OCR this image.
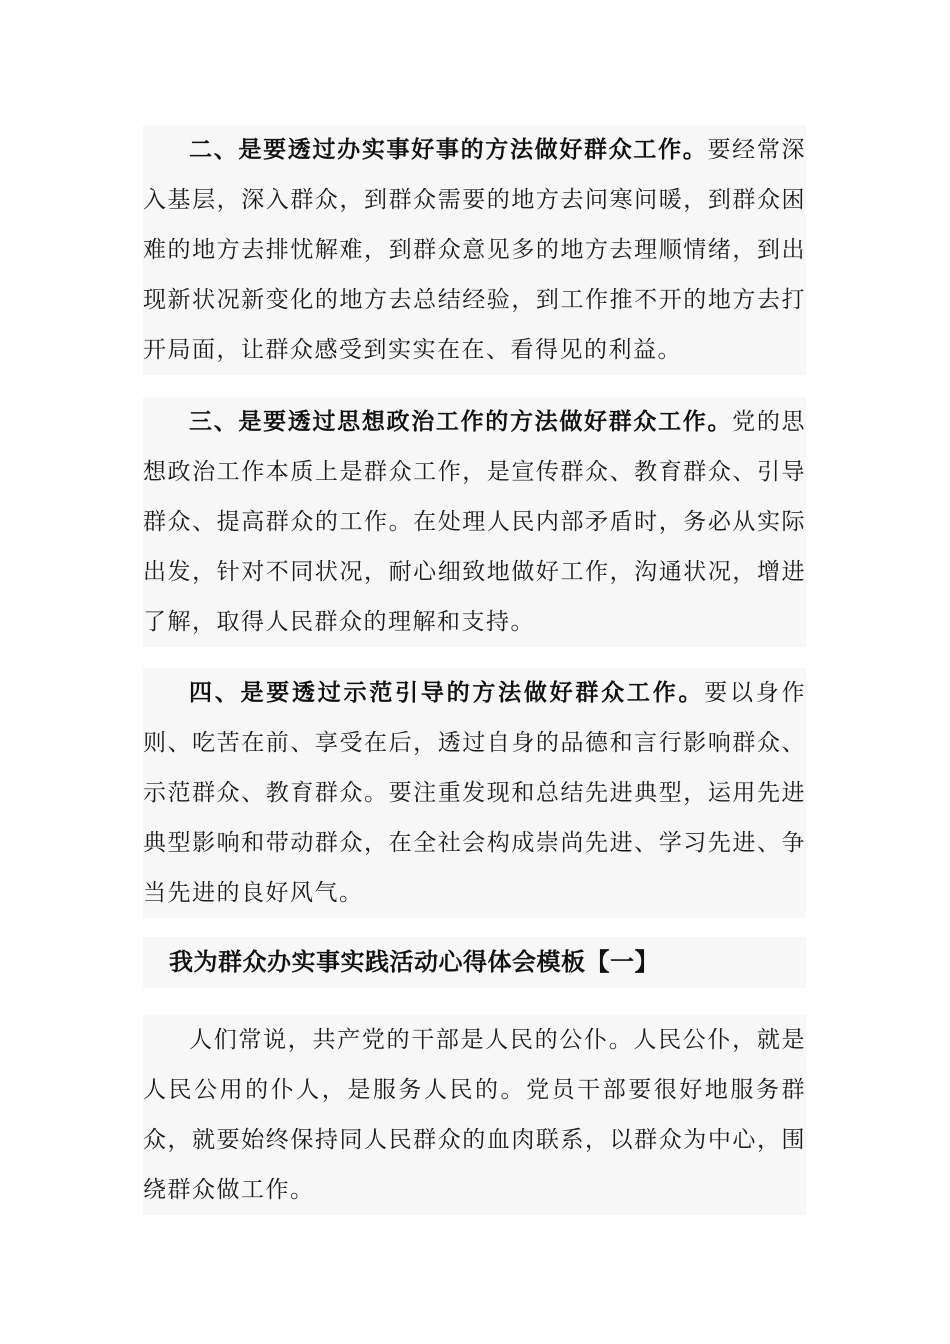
二、是要透过办实事好事的方法做好群众工作。要经常深入基层，深入群众，到群众需要的地方去问寒问暖，到群众困难的地方去排忧解难，到群众意见多的地方去理顺情绪，到出现新状况新变化的地方去总结经验，到工作推不开的地方去打开局面，让群众感受到实实在在、看得见的利益。

三、是要透过思想政治工作的方法做好群众工作。党的思想政治工作本质上是群众工作，是宣传群众、教育群众、引导群众、提高群众的工作。在处理人民内部矛盾时，务必从实际出发，针对不同状况，耐心细致地做好工作，沟通状况，增进了解，取得人民群众的理解和支持。

四、是要透过示范引导的方法做好群众工作。要以身作则、吃苦在前、享受在后，透过自身的品德和言行影响群众、示范群众、教育群众。要注重发现和总结先进典型，运用先进典型影响和带动群众，在全社会构成崇尚先进、学习先进、争当先进的良好风气。

我为群众办实事实践活动心得体会模板【一】

人们常说，共产党的干部是人民的公仆。人民公仆，就是人民公用的仆人，是服务人民的。党员干部要很好地服务群众，就要始终保持同人民群众的血肉联系，以群众为中心，围绕群众做工作。
